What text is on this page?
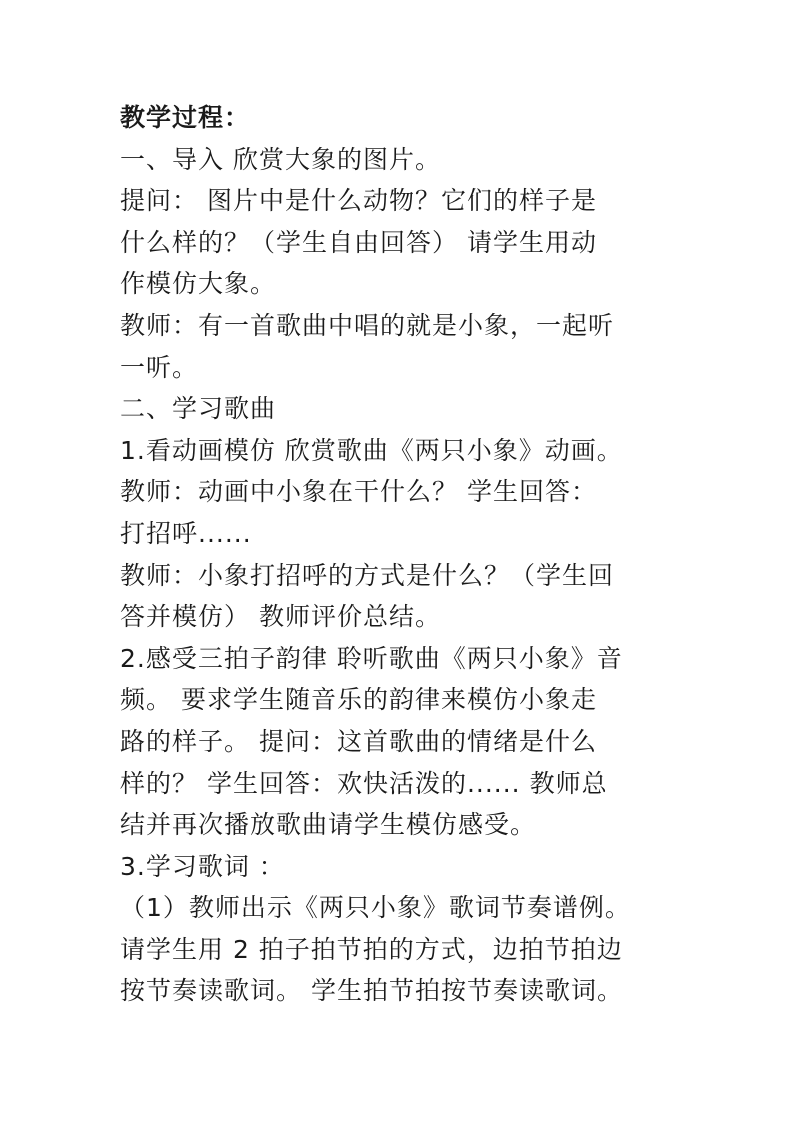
教学过程：
一、导入 欣赏大象的图片。
提问： 图片中是什么动物？它们的样子是
什么样的？（学生自由回答） 请学生用动
作模仿大象。
教师：有一首歌曲中唱的就是小象，一起听
一听。
二、学习歌曲
1.看动画模仿 欣赏歌曲《两只小象》动画。
教师：动画中小象在干什么？ 学生回答：
打招呼......
教师：小象打招呼的方式是什么？（学生回
答并模仿） 教师评价总结。
2.感受三拍子韵律 聆听歌曲《两只小象》音
频。 要求学生随音乐的韵律来模仿小象走
路的样子。 提问：这首歌曲的情绪是什么
样的？ 学生回答：欢快活泼的...... 教师总
结并再次播放歌曲请学生模仿感受。
3.学习歌词 ：
（1）教师出示《两只小象》歌词节奏谱例。
请学生用 2 拍子拍节拍的方式，边拍节拍边
按节奏读歌词。 学生拍节拍按节奏读歌词。
